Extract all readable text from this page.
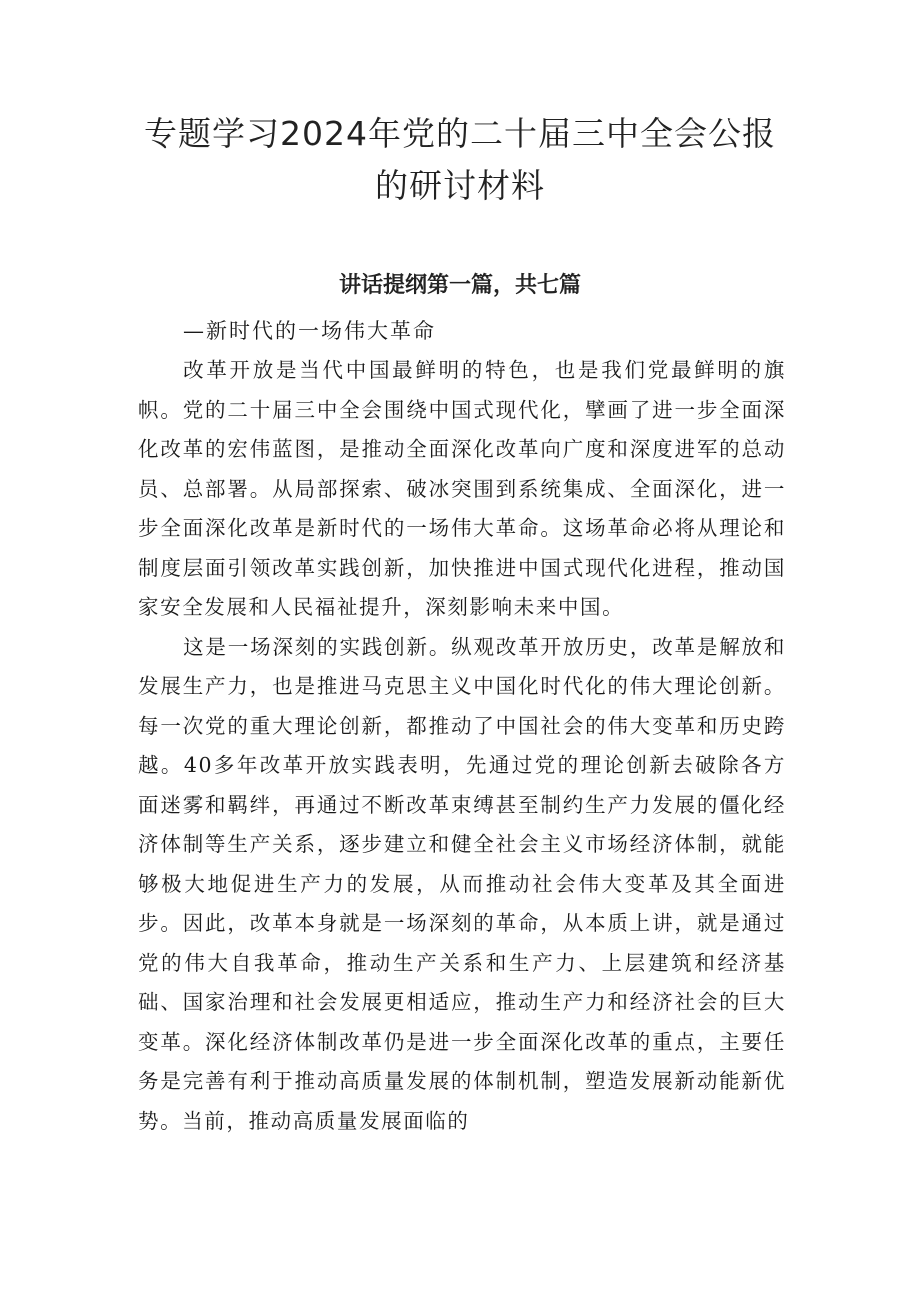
专题学习2024年党的二十届三中全会公报
的研讨材料
讲话提纲第一篇，共七篇
—新时代的一场伟大革命

改革开放是当代中国最鲜明的特色，也是我们党最鲜明的旗帜。党的二十届三中全会围绕中国式现代化，擘画了进一步全面深化改革的宏伟蓝图，是推动全面深化改革向广度和深度进军的总动员、总部署。从局部探索、破冰突围到系统集成、全面深化，进一步全面深化改革是新时代的一场伟大革命。这场革命必将从理论和制度层面引领改革实践创新，加快推进中国式现代化进程，推动国家安全发展和人民福祉提升，深刻影响未来中国。

这是一场深刻的实践创新。纵观改革开放历史，改革是解放和发展生产力，也是推进马克思主义中国化时代化的伟大理论创新。每一次党的重大理论创新，都推动了中国社会的伟大变革和历史跨越。40多年改革开放实践表明，先通过党的理论创新去破除各方面迷雾和羁绊，再通过不断改革束缚甚至制约生产力发展的僵化经济体制等生产关系，逐步建立和健全社会主义市场经济体制，就能够极大地促进生产力的发展，从而推动社会伟大变革及其全面进步。因此，改革本身就是一场深刻的革命，从本质上讲，就是通过党的伟大自我革命，推动生产关系和生产力、上层建筑和经济基础、国家治理和社会发展更相适应，推动生产力和经济社会的巨大变革。深化经济体制改革仍是进一步全面深化改革的重点，主要任务是完善有利于推动高质量发展的体制机制，塑造发展新动能新优势。当前，推动高质量发展面临的
